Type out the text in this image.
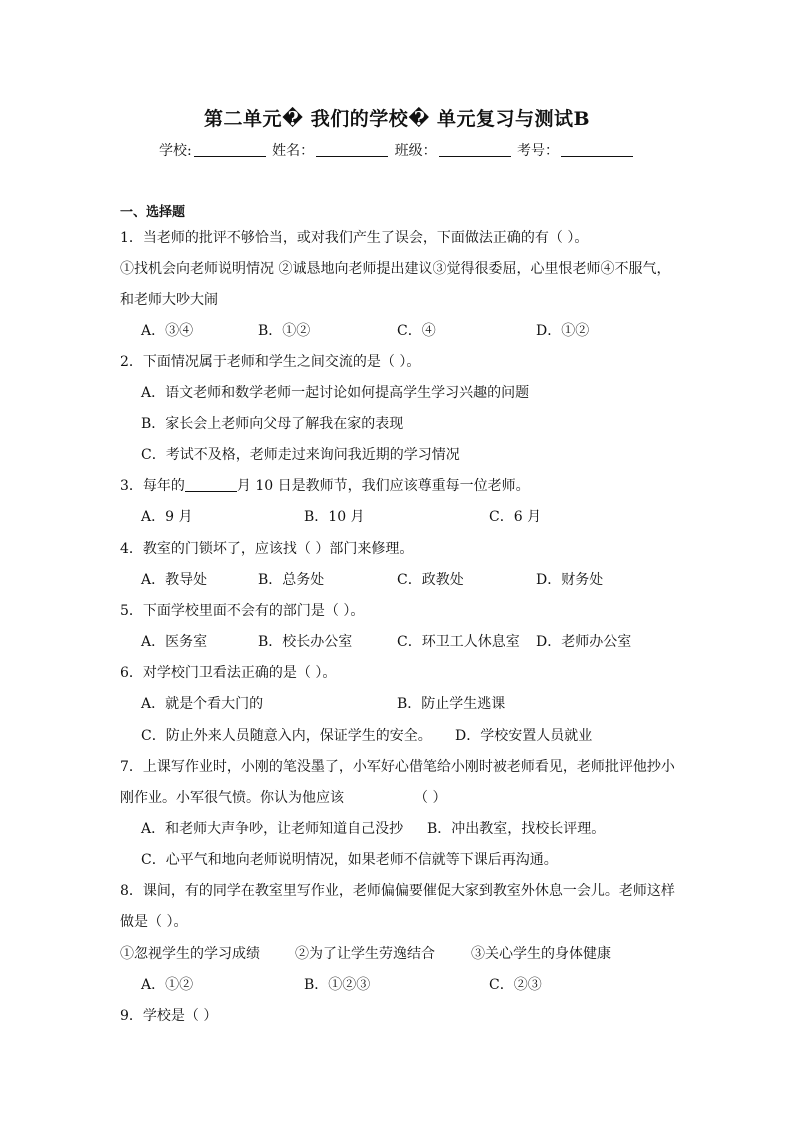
第二单元� 我们的学校� 单元复习与测试B
学校:	姓名：	班级：	考号：
一、选择题
1．当老师的批评不够恰当，或对我们产生了误会，下面做法正确的有（ ）。
①找机会向老师说明情况 ②诚恳地向老师提出建议③觉得很委屈，心里恨老师④不服气，
和老师大吵大闹
A．③④	B．①②	C．④	D．①②
2．下面情况属于老师和学生之间交流的是（ ）。
A．语文老师和数学老师一起讨论如何提高学生学习兴趣的问题
B．家长会上老师向父母了解我在家的表现
C．考试不及格，老师走过来询问我近期的学习情况
3．每年的	月 10 日是教师节，我们应该尊重每一位老师。
A．9 月	B．10 月	C．6 月
4．教室的门锁坏了，应该找（ ）部门来修理。
A．教导处	B．总务处	C．政教处	D．财务处
5．下面学校里面不会有的部门是（ ）。
A．医务室	B．校长办公室	C．环卫工人休息室 D．老师办公室
6．对学校门卫看法正确的是（ ）。
A．就是个看大门的	B．防止学生逃课
C．防止外来人员随意入内，保证学生的安全。 D．学校安置人员就业
7．上课写作业时，小刚的笔没墨了，小军好心借笔给小刚时被老师看见，老师批评他抄小
刚作业。小军很气愤。你认为他应该	（ ）
A．和老师大声争吵，让老师知道自己没抄 B．冲出教室，找校长评理。
C．心平气和地向老师说明情况，如果老师不信就等下课后再沟通。
8．课间，有的同学在教室里写作业，老师偏偏要催促大家到教室外休息一会儿。老师这样
做是（ ）。
①忽视学生的学习成绩	②为了让学生劳逸结合	③关心学生的身体健康
A．①②	B．①②③	C．②③
9．学校是（ ）
